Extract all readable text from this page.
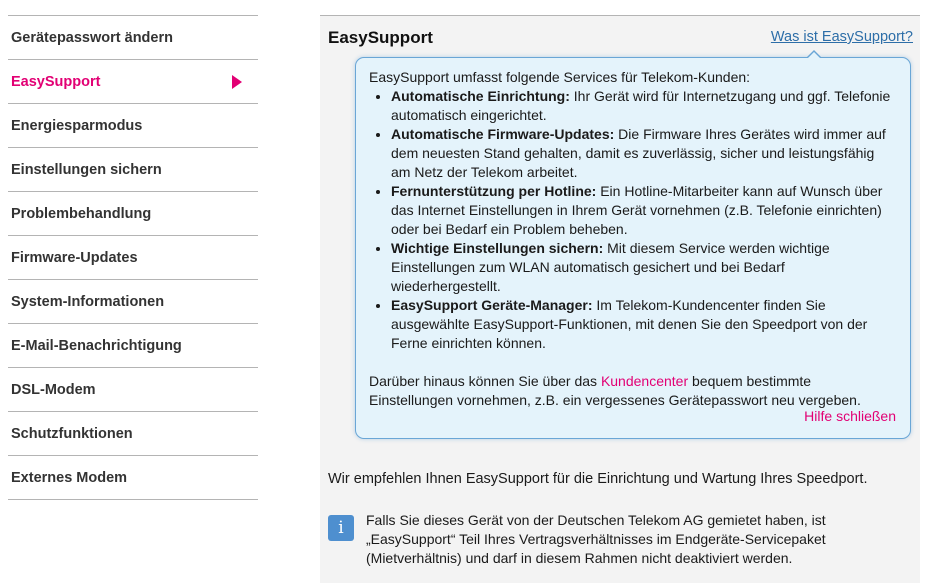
Gerätepasswort ändern
EasySupport
Energiesparmodus
Einstellungen sichern
Problembehandlung
Firmware-Updates
System-Informationen
E-Mail-Benachrichtigung
DSL-Modem
Schutzfunktionen
Externes Modem
EasySupport	Was ist EasySupport?

EasySupport umfasst folgende Services für Telekom-Kunden:

• Automatische Einrichtung: Ihr Gerät wird für Internetzugang und ggf. Telefonie automatisch eingerichtet.
• Automatische Firmware-Updates: Die Firmware Ihres Gerätes wird immer auf dem neuesten Stand gehalten, damit es zuverlässig, sicher und leistungsfähig am Netz der Telekom arbeitet.
• Fernunterstützung per Hotline: Ein Hotline-Mitarbeiter kann auf Wunsch über das Internet Einstellungen in Ihrem Gerät vornehmen (z.B. Telefonie einrichten) oder bei Bedarf ein Problem beheben.
• Wichtige Einstellungen sichern: Mit diesem Service werden wichtige Einstellungen zum WLAN automatisch gesichert und bei Bedarf wiederhergestellt.
• EasySupport Geräte-Manager: Im Telekom-Kundencenter finden Sie ausgewählte EasySupport-Funktionen, mit denen Sie den Speedport von der Ferne einrichten können.

Darüber hinaus können Sie über das Kundencenter bequem bestimmte Einstellungen vornehmen, z.B. ein vergessenes Gerätepasswort neu vergeben.

Hilfe schließen
Wir empfehlen Ihnen EasySupport für die Einrichtung und Wartung Ihres Speedport.
i	Falls Sie dieses Gerät von der Deutschen Telekom AG gemietet haben, ist „EasySupport“ Teil Ihres Vertragsverhältnisses im Endgeräte-Servicepaket (Mietverhältnis) und darf in diesem Rahmen nicht deaktiviert werden.
